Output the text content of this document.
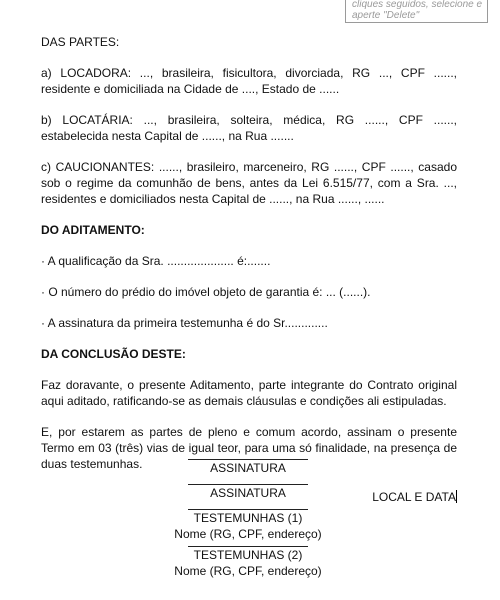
cliques seguidos, selecione e
aperte "Delete"

DAS PARTES:

a) LOCADORA: ..., brasileira, fisicultora, divorciada, RG ..., CPF ......, residente e domiciliada na Cidade de ...., Estado de ......

b) LOCATÁRIA: ..., brasileira, solteira, médica, RG ......, CPF ......, estabelecida nesta Capital de ......, na Rua .......

c) CAUCIONANTES: ......, brasileiro, marceneiro, RG ......, CPF ......, casado sob o regime da comunhão de bens, antes da Lei 6.515/77, com a Sra. ..., residentes e domiciliados nesta Capital de ......, na Rua ......, ......

DO ADITAMENTO:

· A qualificação da Sra. .................... é:.......

· O número do prédio do imóvel objeto de garantia é: ... (......).

· A assinatura da primeira testemunha é do Sr.............

DA CONCLUSÃO DESTE:

Faz doravante, o presente Aditamento, parte integrante do Contrato original aqui aditado, ratificando-se as demais cláusulas e condições ali estipuladas.

E, por estarem as partes de pleno e comum acordo, assinam o presente Termo em 03 (três) vias de igual teor, para uma só finalidade, na presença de duas testemunhas.

LOCAL E DATA

ASSINATURA
ASSINATURA
TESTEMUNHAS (1)
Nome (RG, CPF, endereço)
TESTEMUNHAS (2)
Nome (RG, CPF, endereço)
